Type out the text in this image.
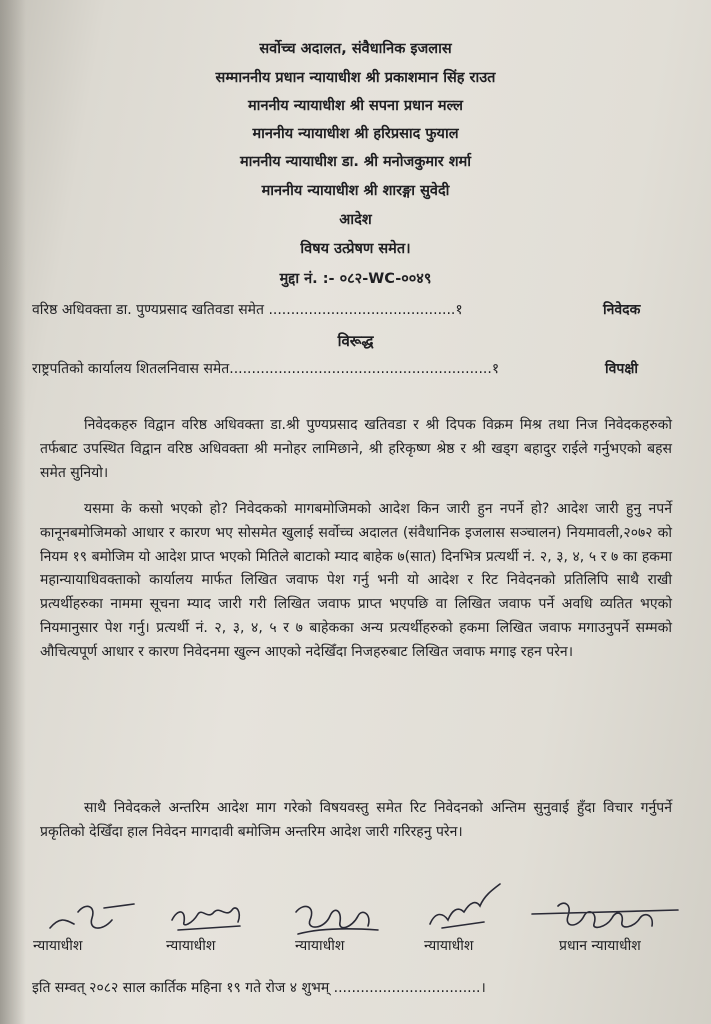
सर्वोच्च अदालत, संवैधानिक इजलास
सम्माननीय प्रधान न्यायाधीश श्री प्रकाशमान सिंह राउत
माननीय न्यायाधीश श्री सपना प्रधान मल्ल
माननीय न्यायाधीश श्री हरिप्रसाद फुयाल
माननीय न्यायाधीश डा. श्री मनोजकुमार शर्मा
माननीय न्यायाधीश श्री शारङ्गा सुवेदी
आदेश
विषय उत्प्रेषण समेत।
मुद्दा नं. :- ०८२-WC-००४९
वरिष्ठ अधिवक्ता डा. पुण्यप्रसाद खतिवडा समेत ..........................................१	निवेदक
विरूद्ध
राष्ट्रपतिको कार्यालय शितलनिवास समेत...........................................................१	विपक्षी

निवेदकहरु विद्वान वरिष्ठ अधिवक्ता डा.श्री पुण्यप्रसाद खतिवडा र श्री दिपक विक्रम मिश्र तथा निज निवेदकहरुको तर्फबाट उपस्थित विद्वान वरिष्ठ अधिवक्ता श्री मनोहर लामिछाने, श्री हरिकृष्ण श्रेष्ठ र श्री खड्ग बहादुर राईले गर्नुभएको बहस समेत सुनियो।

यसमा के कसो भएको हो? निवेदकको मागबमोजिमको आदेश किन जारी हुन नपर्ने हो? आदेश जारी हुनु नपर्ने कानूनबमोजिमको आधार र कारण भए सोसमेत खुलाई सर्वोच्च अदालत (संवैधानिक इजलास सञ्चालन) नियमावली,२०७२ को नियम १९ बमोजिम यो आदेश प्राप्त भएको मितिले बाटाको म्याद बाहेक ७(सात) दिनभित्र प्रत्यर्थी नं. २, ३, ४, ५ र ७ का हकमा महान्यायाधिवक्ताको कार्यालय मार्फत लिखित जवाफ पेश गर्नु भनी यो आदेश र रिट निवेदनको प्रतिलिपि साथै राखी प्रत्यर्थीहरुका नाममा सूचना म्याद जारी गरी लिखित जवाफ प्राप्त भएपछि वा लिखित जवाफ पर्ने अवधि व्यतित भएको नियमानुसार पेश गर्नु। प्रत्यर्थी नं. २, ३, ४, ५ र ७ बाहेकका अन्य प्रत्यर्थीहरुको हकमा लिखित जवाफ मगाउनुपर्ने सम्मको औचित्यपूर्ण आधार र कारण निवेदनमा खुल्न आएको नदेखिँदा निजहरुबाट लिखित जवाफ मगाइ रहन परेन।

साथै निवेदकले अन्तरिम आदेश माग गरेको विषयवस्तु समेत रिट निवेदनको अन्तिम सुनुवाई हुँदा विचार गर्नुपर्ने प्रकृतिको देखिँदा हाल निवेदन मागदावी बमोजिम अन्तरिम आदेश जारी गरिरहनु परेन।

न्यायाधीश	न्यायाधीश	न्यायाधीश	न्यायाधीश	प्रधान न्यायाधीश
इति सम्वत् २०८२ साल कार्तिक महिना १९ गते रोज ४ शुभम् .................................।
